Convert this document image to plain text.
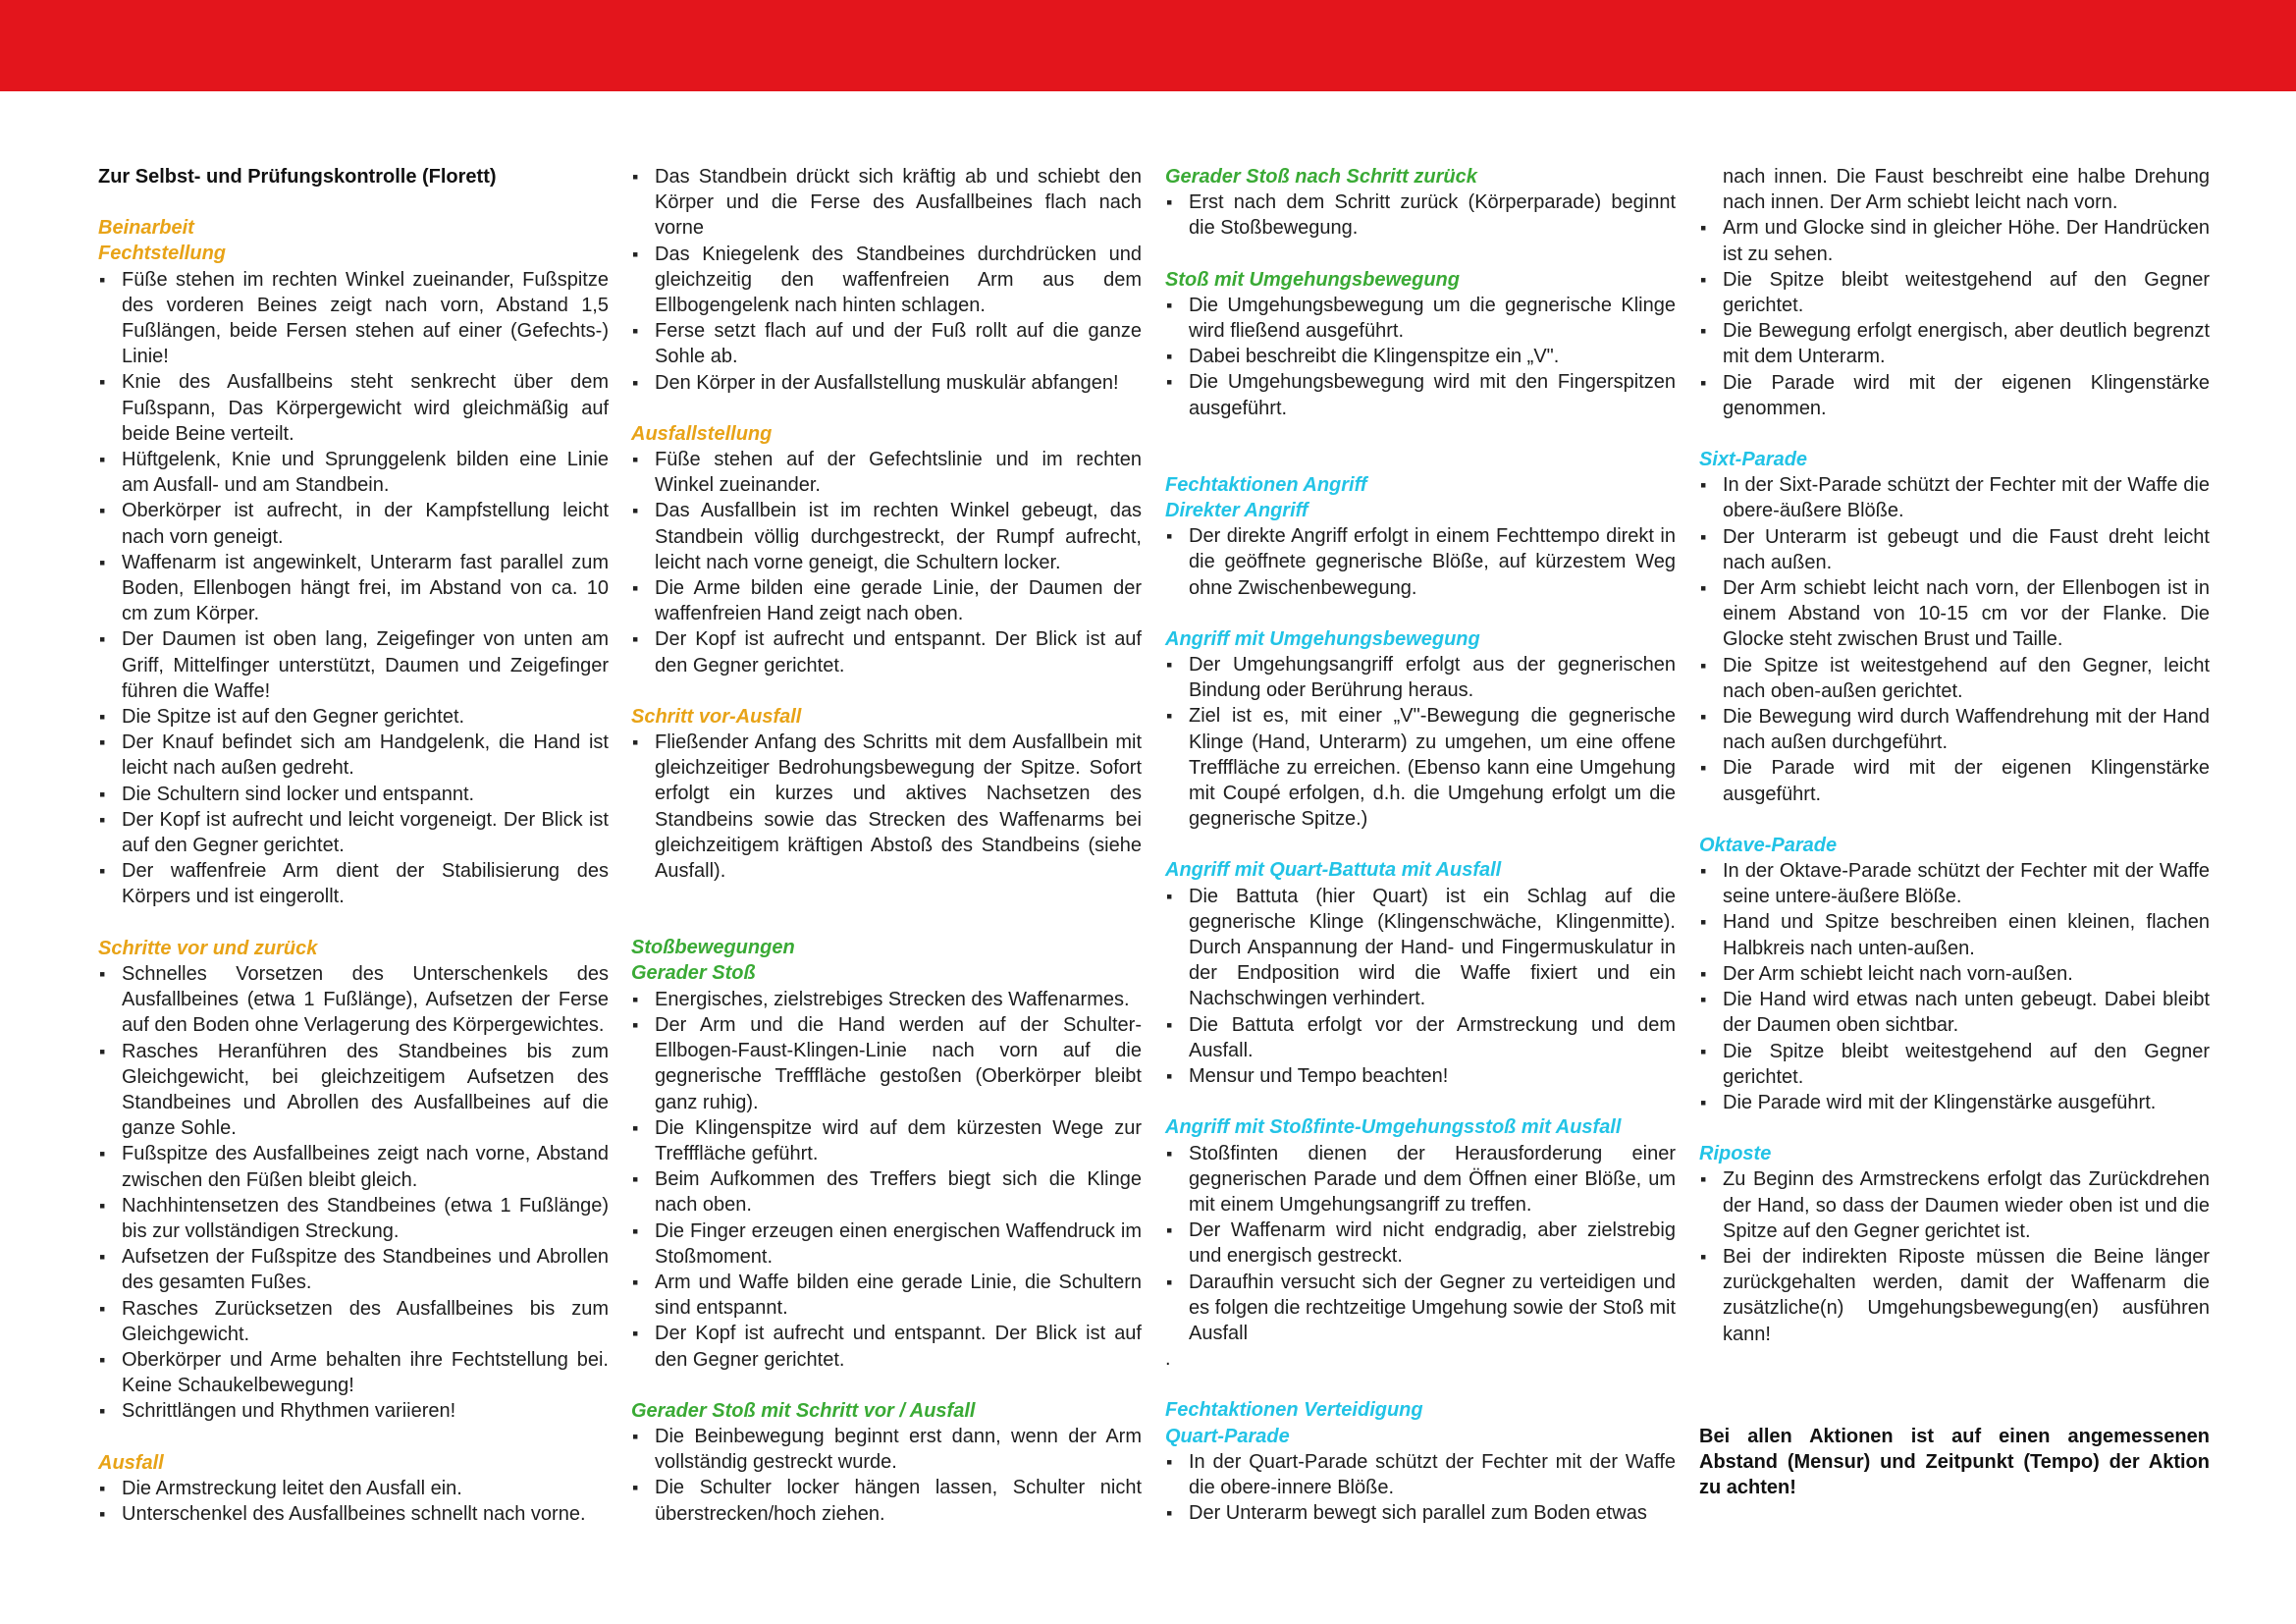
Zur Selbst- und Prüfungskontrolle (Florett)

Beinarbeit

Fechtstellung

▪ Füße stehen im rechten Winkel zueinander, Fußspitze des vorderen Beines zeigt nach vorn, Abstand 1,5 Fußlängen, beide Fersen stehen auf einer (Gefechts-) Linie!
▪ Knie des Ausfallbeins steht senkrecht über dem Fußspann, Das Körpergewicht wird gleichmäßig auf beide Beine verteilt.
▪ Hüftgelenk, Knie und Sprunggelenk bilden eine Linie am Ausfall- und am Standbein.
▪ Oberkörper ist aufrecht, in der Kampfstellung leicht nach vorn geneigt.
▪ Waffenarm ist angewinkelt, Unterarm fast parallel zum Boden, Ellenbogen hängt frei, im Abstand von ca. 10 cm zum Körper.
▪ Der Daumen ist oben lang, Zeigefinger von unten am Griff, Mittelfinger unterstützt, Daumen und Zeigefinger führen die Waffe!
▪ Die Spitze ist auf den Gegner gerichtet.
▪ Der Knauf befindet sich am Handgelenk, die Hand ist leicht nach außen gedreht.
▪ Die Schultern sind locker und entspannt.
▪ Der Kopf ist aufrecht und leicht vorgeneigt. Der Blick ist auf den Gegner gerichtet.
▪ Der waffenfreie Arm dient der Stabilisierung des Körpers und ist eingerollt.

Schritte vor und zurück

▪ Schnelles Vorsetzen des Unterschenkels des Ausfallbeines (etwa 1 Fußlänge), Aufsetzen der Ferse auf den Boden ohne Verlagerung des Körpergewichtes.
▪ Rasches Heranführen des Standbeines bis zum Gleichgewicht, bei gleichzeitigem Aufsetzen des Standbeines und Abrollen des Ausfallbeines auf die ganze Sohle.
▪ Fußspitze des Ausfallbeines zeigt nach vorne, Abstand zwischen den Füßen bleibt gleich.
▪ Nachhintensetzen des Standbeines (etwa 1 Fußlänge) bis zur vollständigen Streckung.
▪ Aufsetzen der Fußspitze des Standbeines und Abrollen des gesamten Fußes.
▪ Rasches Zurücksetzen des Ausfallbeines bis zum Gleichgewicht.
▪ Oberkörper und Arme behalten ihre Fechtstellung bei. Keine Schaukelbewegung!
▪ Schrittlängen und Rhythmen variieren!

Ausfall

▪ Die Armstreckung leitet den Ausfall ein.
▪ Unterschenkel des Ausfallbeines schnellt nach vorne.
▪ Das Standbein drückt sich kräftig ab und schiebt den Körper und die Ferse des Ausfallbeines flach nach vorne
▪ Das Kniegelenk des Standbeines durchdrücken und gleichzeitig den waffenfreien Arm aus dem Ellbogengelenk nach hinten schlagen.
▪ Ferse setzt flach auf und der Fuß rollt auf die ganze Sohle ab.
▪ Den Körper in der Ausfallstellung muskulär abfangen!

Ausfallstellung

▪ Füße stehen auf der Gefechtslinie und im rechten Winkel zueinander.
▪ Das Ausfallbein ist im rechten Winkel gebeugt, das Standbein völlig durchgestreckt, der Rumpf aufrecht, leicht nach vorne geneigt, die Schultern locker.
▪ Die Arme bilden eine gerade Linie, der Daumen der waffenfreien Hand zeigt nach oben.
▪ Der Kopf ist aufrecht und entspannt. Der Blick ist auf den Gegner gerichtet.

Schritt vor-Ausfall

▪ Fließender Anfang des Schritts mit dem Ausfallbein mit gleichzeitiger Bedrohungsbewegung der Spitze. Sofort erfolgt ein kurzes und aktives Nachsetzen des Standbeins sowie das Strecken des Waffenarms bei gleichzeitigem kräftigen Abstoß des Standbeins (siehe Ausfall).

Stoßbewegungen

Gerader Stoß

▪ Energisches, zielstrebiges Strecken des Waffenarmes.
▪ Der Arm und die Hand werden auf der Schulter-Ellbogen-Faust-Klingen-Linie nach vorn auf die gegnerische Trefffläche gestoßen (Oberkörper bleibt ganz ruhig).
▪ Die Klingenspitze wird auf dem kürzesten Wege zur Trefffläche geführt.
▪ Beim Aufkommen des Treffers biegt sich die Klinge nach oben.
▪ Die Finger erzeugen einen energischen Waffendruck im Stoßmoment.
▪ Arm und Waffe bilden eine gerade Linie, die Schultern sind entspannt.
▪ Der Kopf ist aufrecht und entspannt. Der Blick ist auf den Gegner gerichtet.

Gerader Stoß mit Schritt vor / Ausfall

▪ Die Beinbewegung beginnt erst dann, wenn der Arm vollständig gestreckt wurde.
▪ Die Schulter locker hängen lassen, Schulter nicht überstrecken/hoch ziehen.

Gerader Stoß nach Schritt zurück

▪ Erst nach dem Schritt zurück (Körperparade) beginnt die Stoßbewegung.

Stoß mit Umgehungsbewegung

▪ Die Umgehungsbewegung um die gegnerische Klinge wird fließend ausgeführt.
▪ Dabei beschreibt die Klingenspitze ein „V".
▪ Die Umgehungsbewegung wird mit den Fingerspitzen ausgeführt.

Fechtaktionen Angriff

Direkter Angriff

▪ Der direkte Angriff erfolgt in einem Fechttempo direkt in die geöffnete gegnerische Blöße, auf kürzestem Weg ohne Zwischenbewegung.

Angriff mit Umgehungsbewegung

▪ Der Umgehungsangriff erfolgt aus der gegnerischen Bindung oder Berührung heraus.
▪ Ziel ist es, mit einer „V"-Bewegung die gegnerische Klinge (Hand, Unterarm) zu umgehen, um eine offene Trefffläche zu erreichen. (Ebenso kann eine Umgehung mit Coupé erfolgen, d.h. die Umgehung erfolgt um die gegnerische Spitze.)

Angriff mit Quart-Battuta mit Ausfall

▪ Die Battuta (hier Quart) ist ein Schlag auf die gegnerische Klinge (Klingenschwäche, Klingenmitte). Durch Anspannung der Hand- und Fingermuskulatur in der Endposition wird die Waffe fixiert und ein Nachschwingen verhindert.
▪ Die Battuta erfolgt vor der Armstreckung und dem Ausfall.
▪ Mensur und Tempo beachten!

Angriff mit Stoßfinte-Umgehungsstoß mit Ausfall

▪ Stoßfinten dienen der Herausforderung einer gegnerischen Parade und dem Öffnen einer Blöße, um mit einem Umgehungsangriff zu treffen.
▪ Der Waffenarm wird nicht endgradig, aber zielstrebig und energisch gestreckt.
▪ Daraufhin versucht sich der Gegner zu verteidigen und es folgen die rechtzeitige Umgehung sowie der Stoß mit Ausfall

.

Fechtaktionen Verteidigung

Quart-Parade

▪ In der Quart-Parade schützt der Fechter mit der Waffe die obere-innere Blöße.
▪ Der Unterarm bewegt sich parallel zum Boden etwas

nach innen. Die Faust beschreibt eine halbe Drehung nach innen. Der Arm schiebt leicht nach vorn.

▪ Arm und Glocke sind in gleicher Höhe. Der Handrücken ist zu sehen.
▪ Die Spitze bleibt weitestgehend auf den Gegner gerichtet.
▪ Die Bewegung erfolgt energisch, aber deutlich begrenzt mit dem Unterarm.
▪ Die Parade wird mit der eigenen Klingenstärke genommen.

Sixt-Parade

▪ In der Sixt-Parade schützt der Fechter mit der Waffe die obere-äußere Blöße.
▪ Der Unterarm ist gebeugt und die Faust dreht leicht nach außen.
▪ Der Arm schiebt leicht nach vorn, der Ellenbogen ist in einem Abstand von 10-15 cm vor der Flanke. Die Glocke steht zwischen Brust und Taille.
▪ Die Spitze ist weitestgehend auf den Gegner, leicht nach oben-außen gerichtet.
▪ Die Bewegung wird durch Waffendrehung mit der Hand nach außen durchgeführt.
▪ Die Parade wird mit der eigenen Klingenstärke ausgeführt.

Oktave-Parade

▪ In der Oktave-Parade schützt der Fechter mit der Waffe seine untere-äußere Blöße.
▪ Hand und Spitze beschreiben einen kleinen, flachen Halbkreis nach unten-außen.
▪ Der Arm schiebt leicht nach vorn-außen.
▪ Die Hand wird etwas nach unten gebeugt. Dabei bleibt der Daumen oben sichtbar.
▪ Die Spitze bleibt weitestgehend auf den Gegner gerichtet.
▪ Die Parade wird mit der Klingenstärke ausgeführt.

Riposte

▪ Zu Beginn des Armstreckens erfolgt das Zurückdrehen der Hand, so dass der Daumen wieder oben ist und die Spitze auf den Gegner gerichtet ist.
▪ Bei der indirekten Riposte müssen die Beine länger zurückgehalten werden, damit der Waffenarm die zusätzliche(n) Umgehungsbewegung(en) ausführen kann!

Bei allen Aktionen ist auf einen angemessenen Abstand (Mensur) und Zeitpunkt (Tempo) der Aktion zu achten!
